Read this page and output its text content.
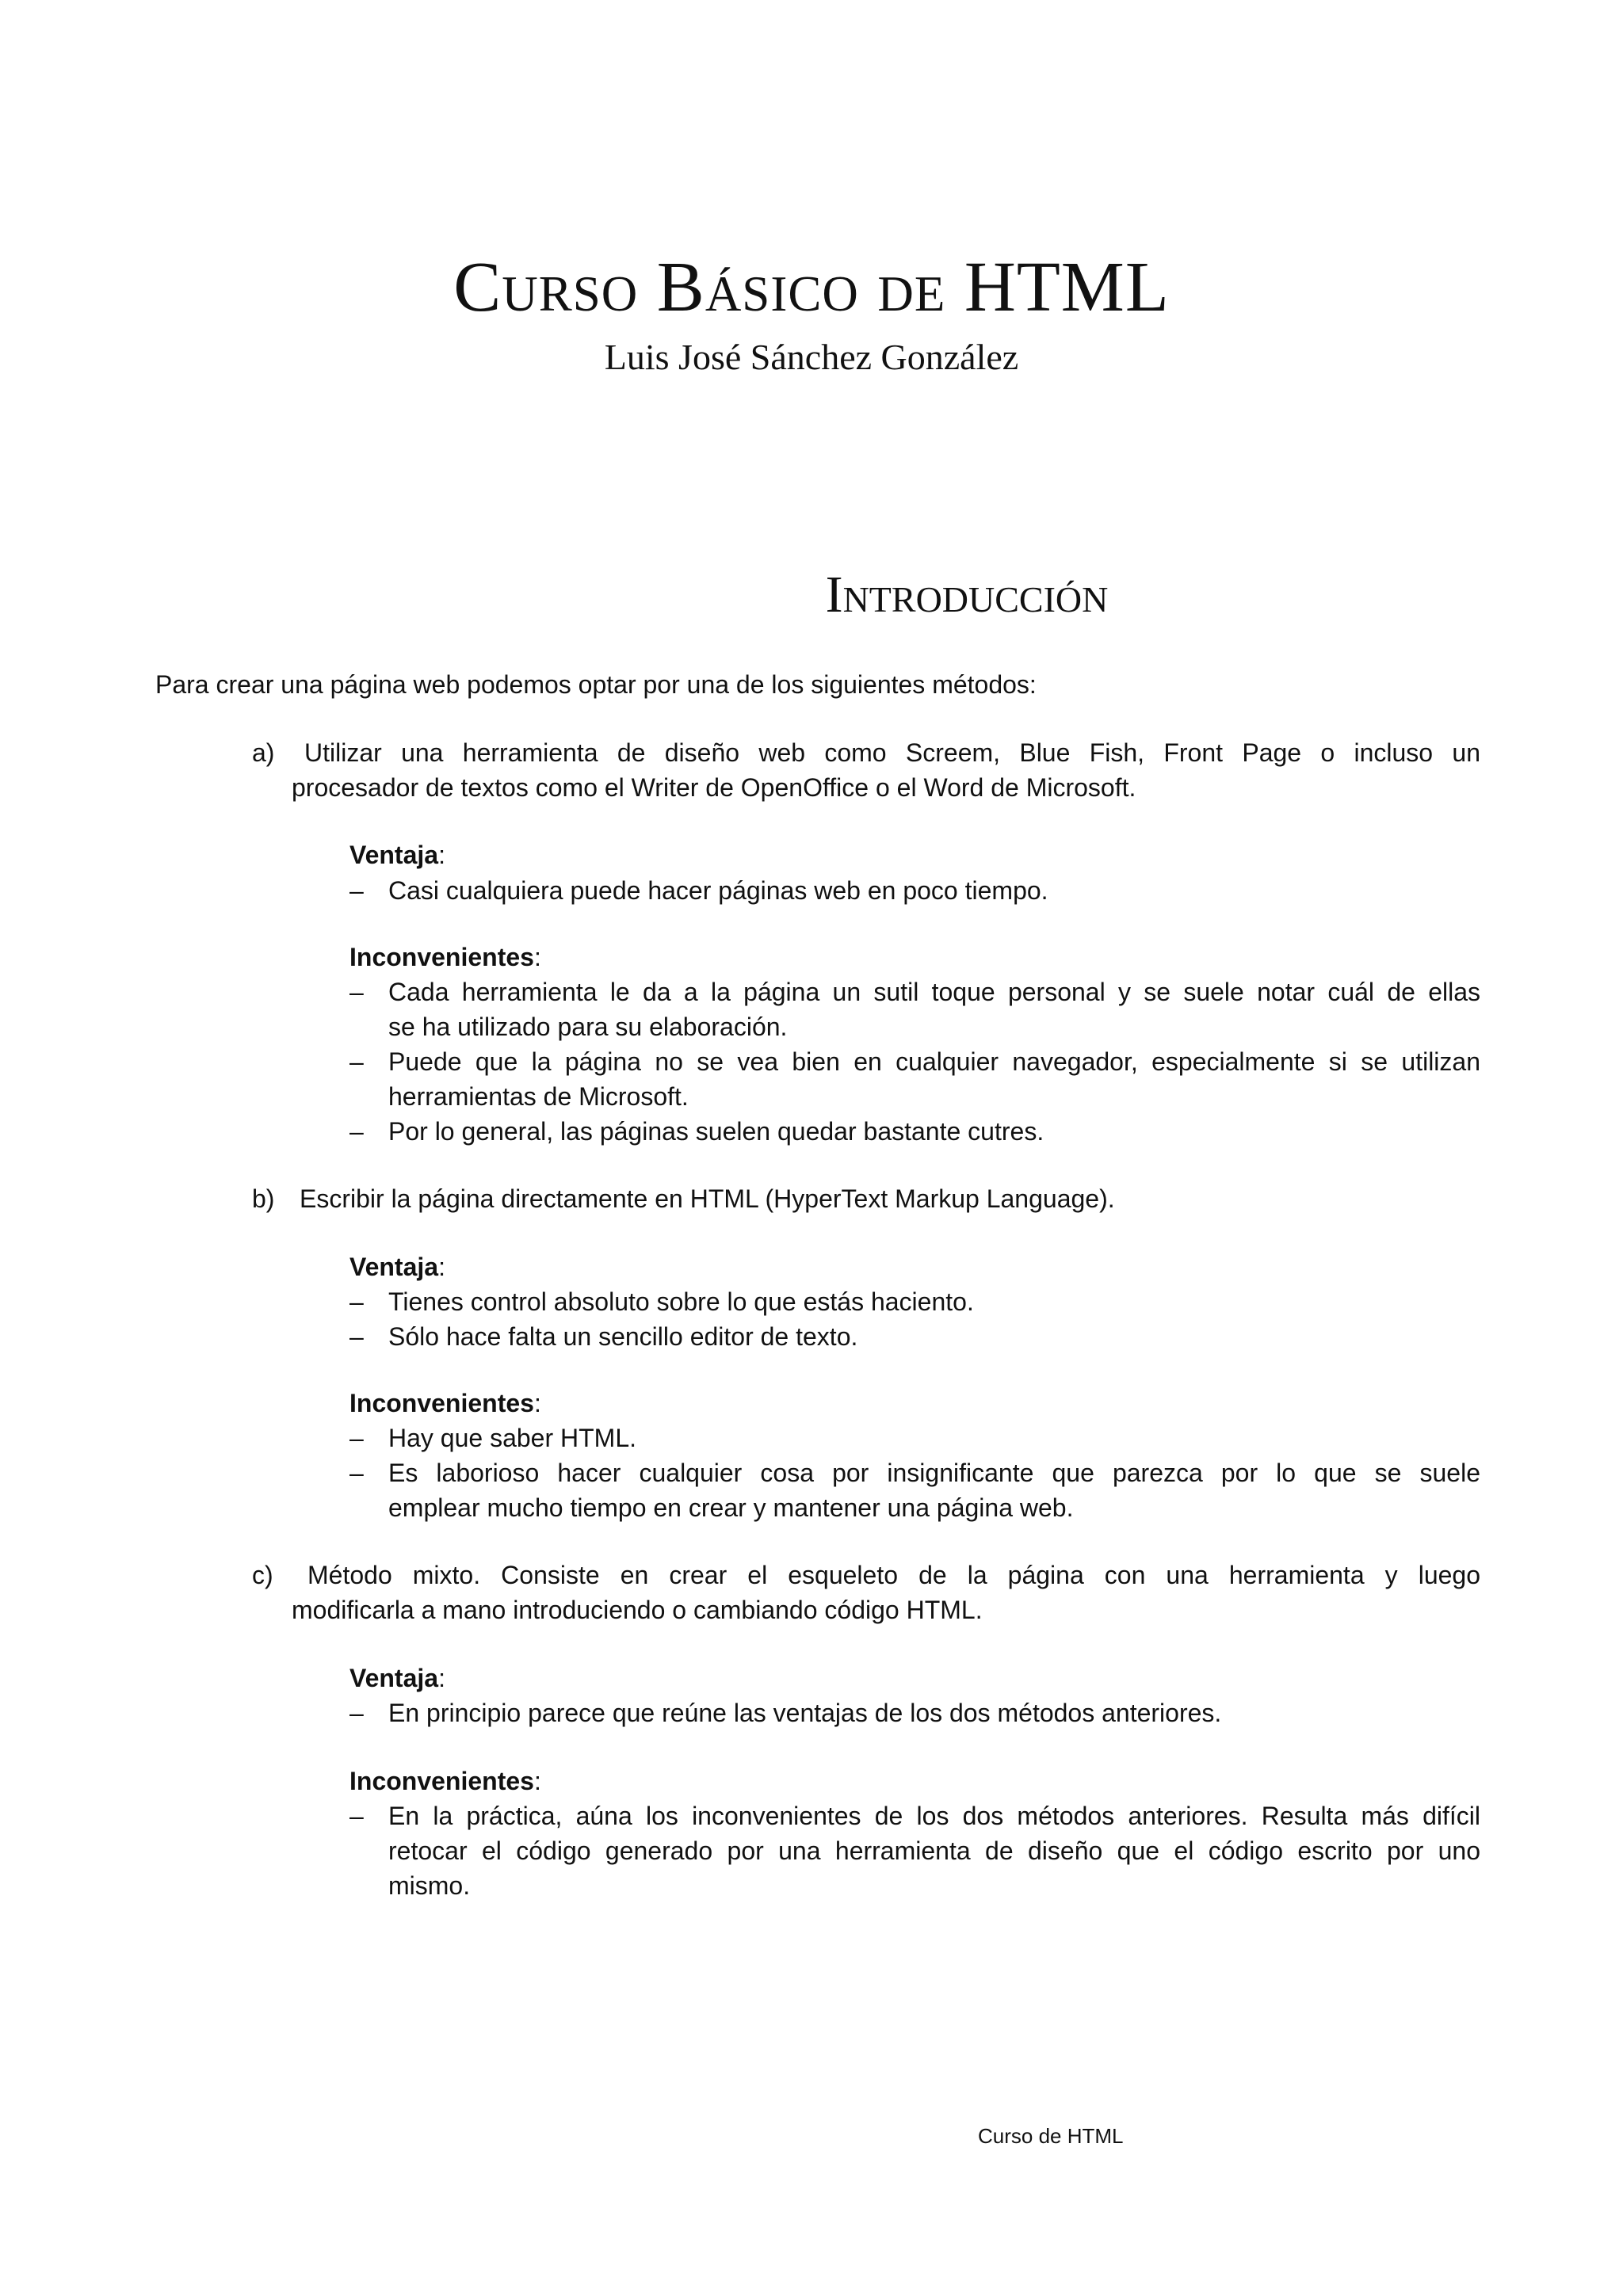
Curso Básico de HTML
Luis José Sánchez González
Introducción

Para crear una página web podemos optar por una de los siguientes métodos:

a) Utilizar una herramienta de diseño web como Screem, Blue Fish, Front Page o incluso un

procesador de textos como el Writer de OpenOffice o el Word de Microsoft.

Ventaja:
– Casi cualquiera puede hacer páginas web en poco tiempo.

Inconvenientes:
– Cada herramienta le da a la página un sutil toque personal y se suele notar cuál de ellas

se ha utilizado para su elaboración.

– Puede que la página no se vea bien en cualquier navegador, especialmente si se utilizan

herramientas de Microsoft.

– Por lo general, las páginas suelen quedar bastante cutres.

b) Escribir la página directamente en HTML (HyperText Markup Language).

Ventaja:
– Tienes control absoluto sobre lo que estás haciento.

– Sólo hace falta un sencillo editor de texto.

Inconvenientes:
– Hay que saber HTML.

– Es laborioso hacer cualquier cosa por insignificante que parezca por lo que se suele

emplear mucho tiempo en crear y mantener una página web.

c) Método mixto. Consiste en crear el esqueleto de la página con una herramienta y luego

modificarla a mano introduciendo o cambiando código HTML.

Ventaja:
– En principio parece que reúne las ventajas de los dos métodos anteriores.

Inconvenientes:
– En la práctica, aúna los inconvenientes de los dos métodos anteriores. Resulta más difícil

retocar el código generado por una herramienta de diseño que el código escrito por uno

mismo.

Curso de HTML
